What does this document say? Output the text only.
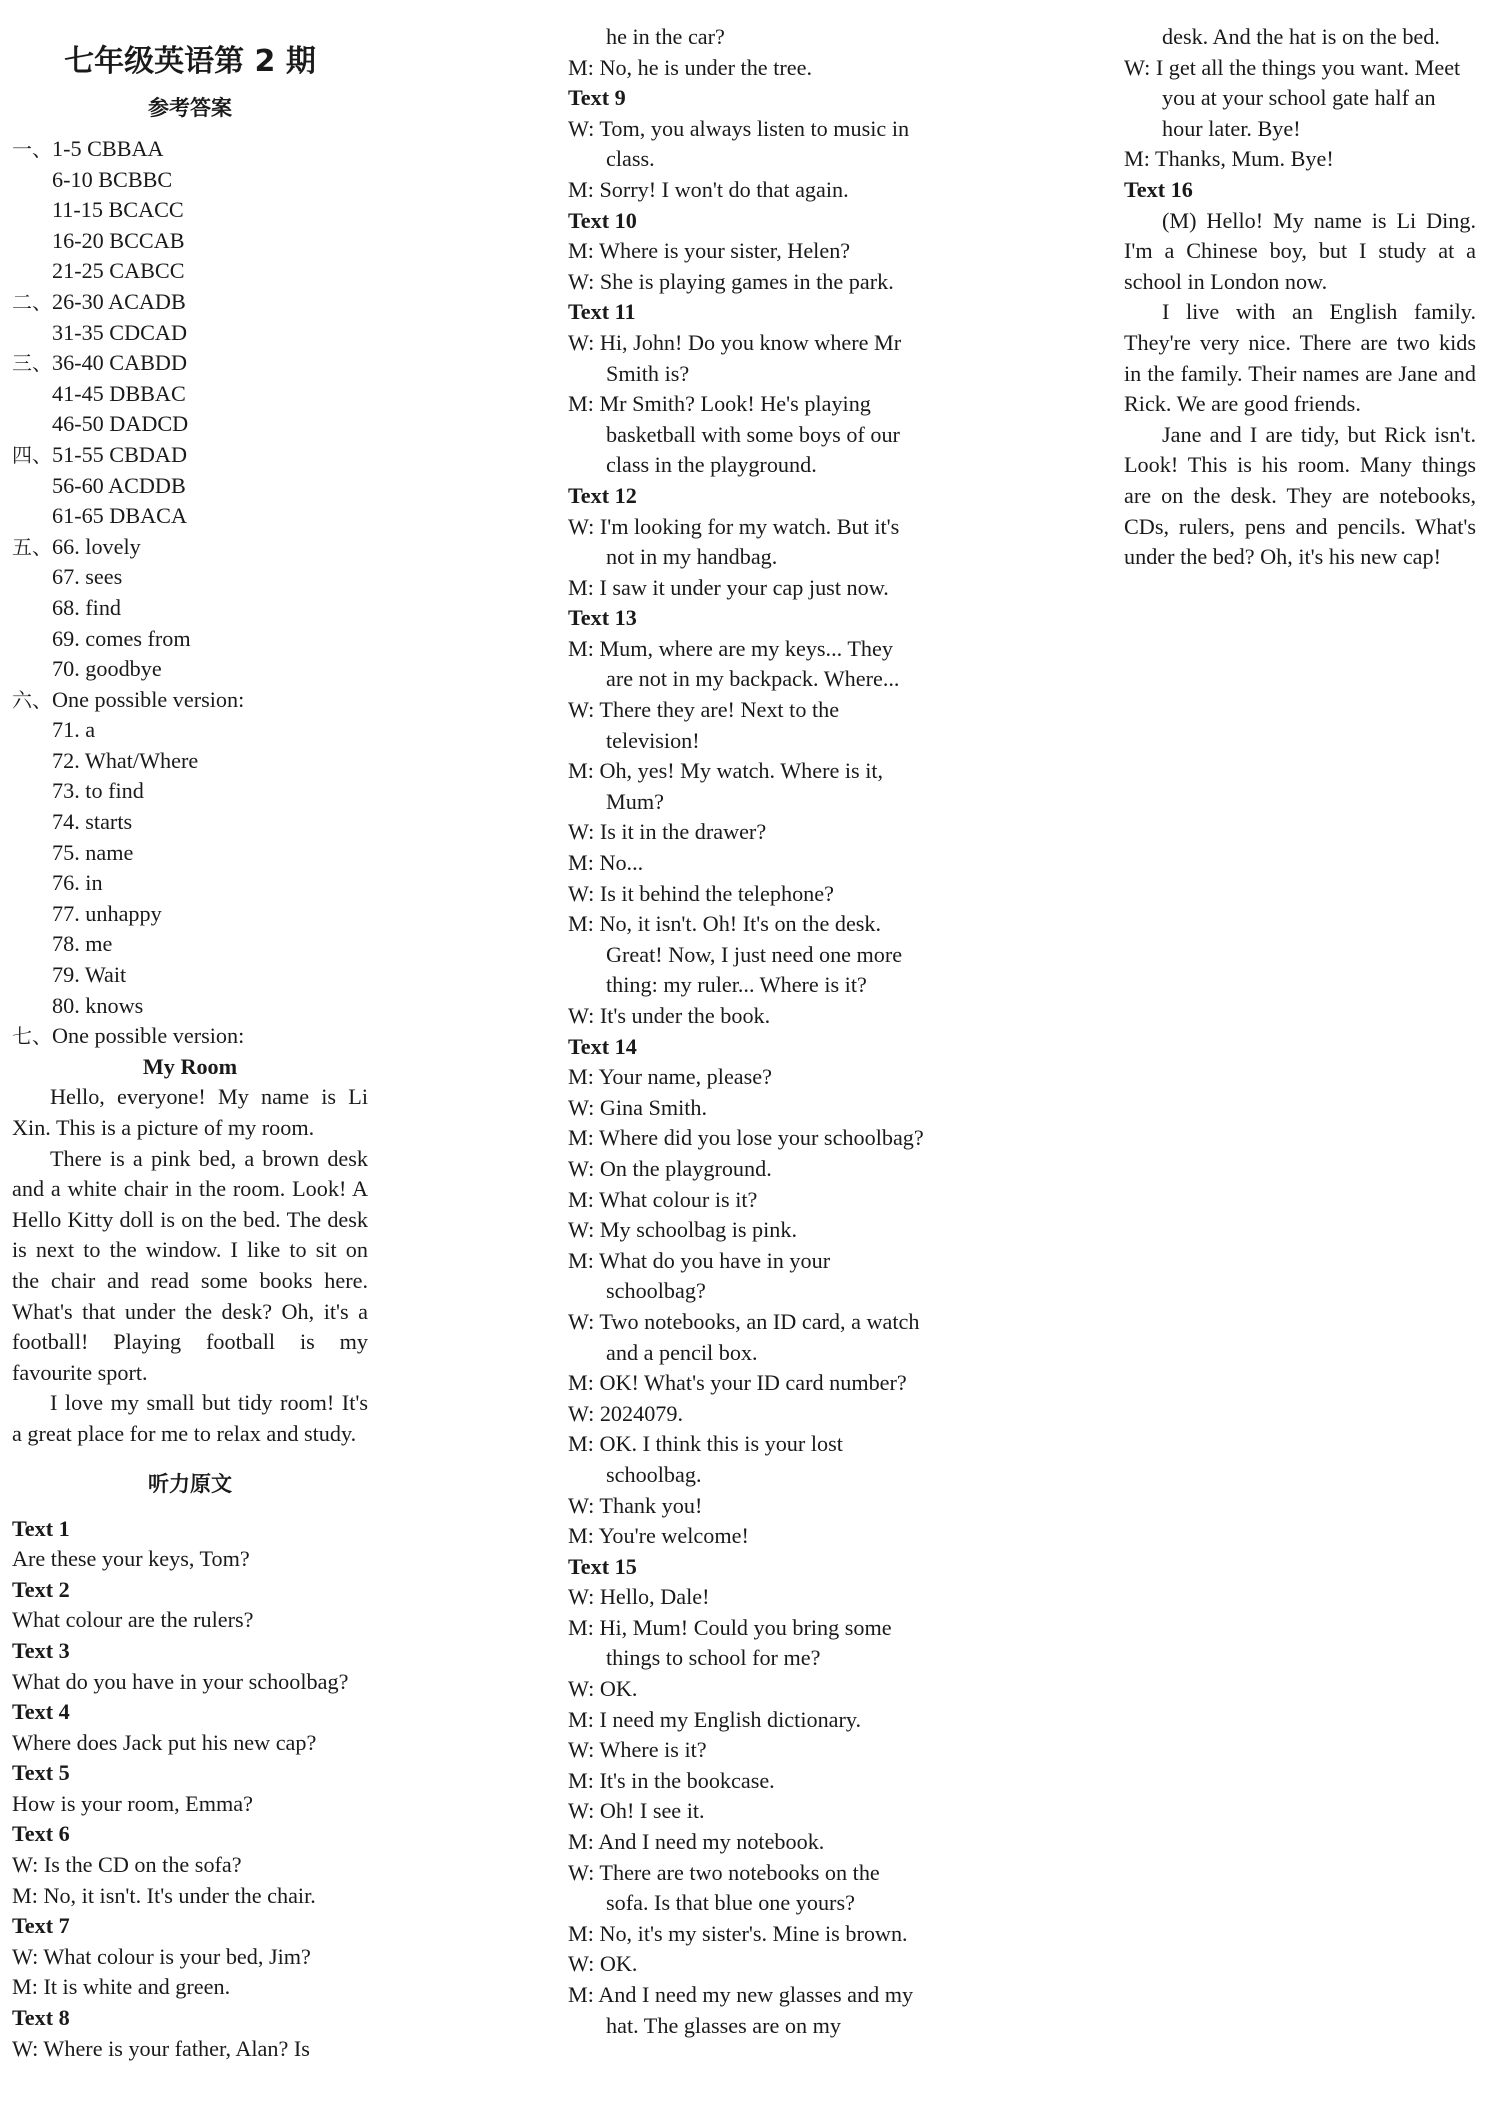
七年级英语第 2 期
参考答案
一、1-5 CBBAA
6-10 BCBBC
11-15 BCACC
16-20 BCCAB
21-25 CABCC
二、26-30 ACADB
31-35 CDCAD
三、36-40 CABDD
41-45 DBBAC
46-50 DADCD
四、51-55 CBDAD
56-60 ACDDB
61-65 DBACA
五、66. lovely
67. sees
68. find
69. comes from
70. goodbye
六、One possible version:
71. a
72. What/Where
73. to find
74. starts
75. name
76. in
77. unhappy
78. me
79. Wait
80. knows
七、One possible version:
My Room
Hello, everyone! My name is Li Xin. This is a picture of my room.
There is a pink bed, a brown desk and a white chair in the room. Look! A Hello Kitty doll is on the bed. The desk is next to the window. I like to sit on the chair and read some books here. What's that under the desk? Oh, it's a football! Playing football is my favourite sport.
I love my small but tidy room! It's a great place for me to relax and study.
听力原文
Text 1
Are these your keys, Tom?
Text 2
What colour are the rulers?
Text 3
What do you have in your schoolbag?
Text 4
Where does Jack put his new cap?
Text 5
How is your room, Emma?
Text 6
W: Is the CD on the sofa?
M: No, it isn't. It's under the chair.
Text 7
W: What colour is your bed, Jim?
M: It is white and green.
Text 8
W: Where is your father, Alan? Is
he in the car?
M: No, he is under the tree.
Text 9
W: Tom, you always listen to music in class.
M: Sorry! I won't do that again.
Text 10
M: Where is your sister, Helen?
W: She is playing games in the park.
Text 11
W: Hi, John! Do you know where Mr Smith is?
M: Mr Smith? Look! He's playing basketball with some boys of our class in the playground.
Text 12
W: I'm looking for my watch. But it's not in my handbag.
M: I saw it under your cap just now.
Text 13
M: Mum, where are my keys... They are not in my backpack. Where...
W: There they are! Next to the television!
M: Oh, yes! My watch. Where is it, Mum?
W: Is it in the drawer?
M: No...
W: Is it behind the telephone?
M: No, it isn't. Oh! It's on the desk. Great! Now, I just need one more thing: my ruler... Where is it?
W: It's under the book.
Text 14
M: Your name, please?
W: Gina Smith.
M: Where did you lose your schoolbag?
W: On the playground.
M: What colour is it?
W: My schoolbag is pink.
M: What do you have in your schoolbag?
W: Two notebooks, an ID card, a watch and a pencil box.
M: OK! What's your ID card number?
W: 2024079.
M: OK. I think this is your lost schoolbag.
W: Thank you!
M: You're welcome!
Text 15
W: Hello, Dale!
M: Hi, Mum! Could you bring some things to school for me?
W: OK.
M: I need my English dictionary.
W: Where is it?
M: It's in the bookcase.
W: Oh! I see it.
M: And I need my notebook.
W: There are two notebooks on the sofa. Is that blue one yours?
M: No, it's my sister's. Mine is brown.
W: OK.
M: And I need my new glasses and my hat. The glasses are on my
desk. And the hat is on the bed.
W: I get all the things you want. Meet you at your school gate half an hour later. Bye!
M: Thanks, Mum. Bye!
Text 16
(M) Hello! My name is Li Ding. I'm a Chinese boy, but I study at a school in London now.
I live with an English family. They're very nice. There are two kids in the family. Their names are Jane and Rick. We are good friends.
Jane and I are tidy, but Rick isn't. Look! This is his room. Many things are on the desk. They are notebooks, CDs, rulers, pens and pencils. What's under the bed? Oh, it's his new cap!
